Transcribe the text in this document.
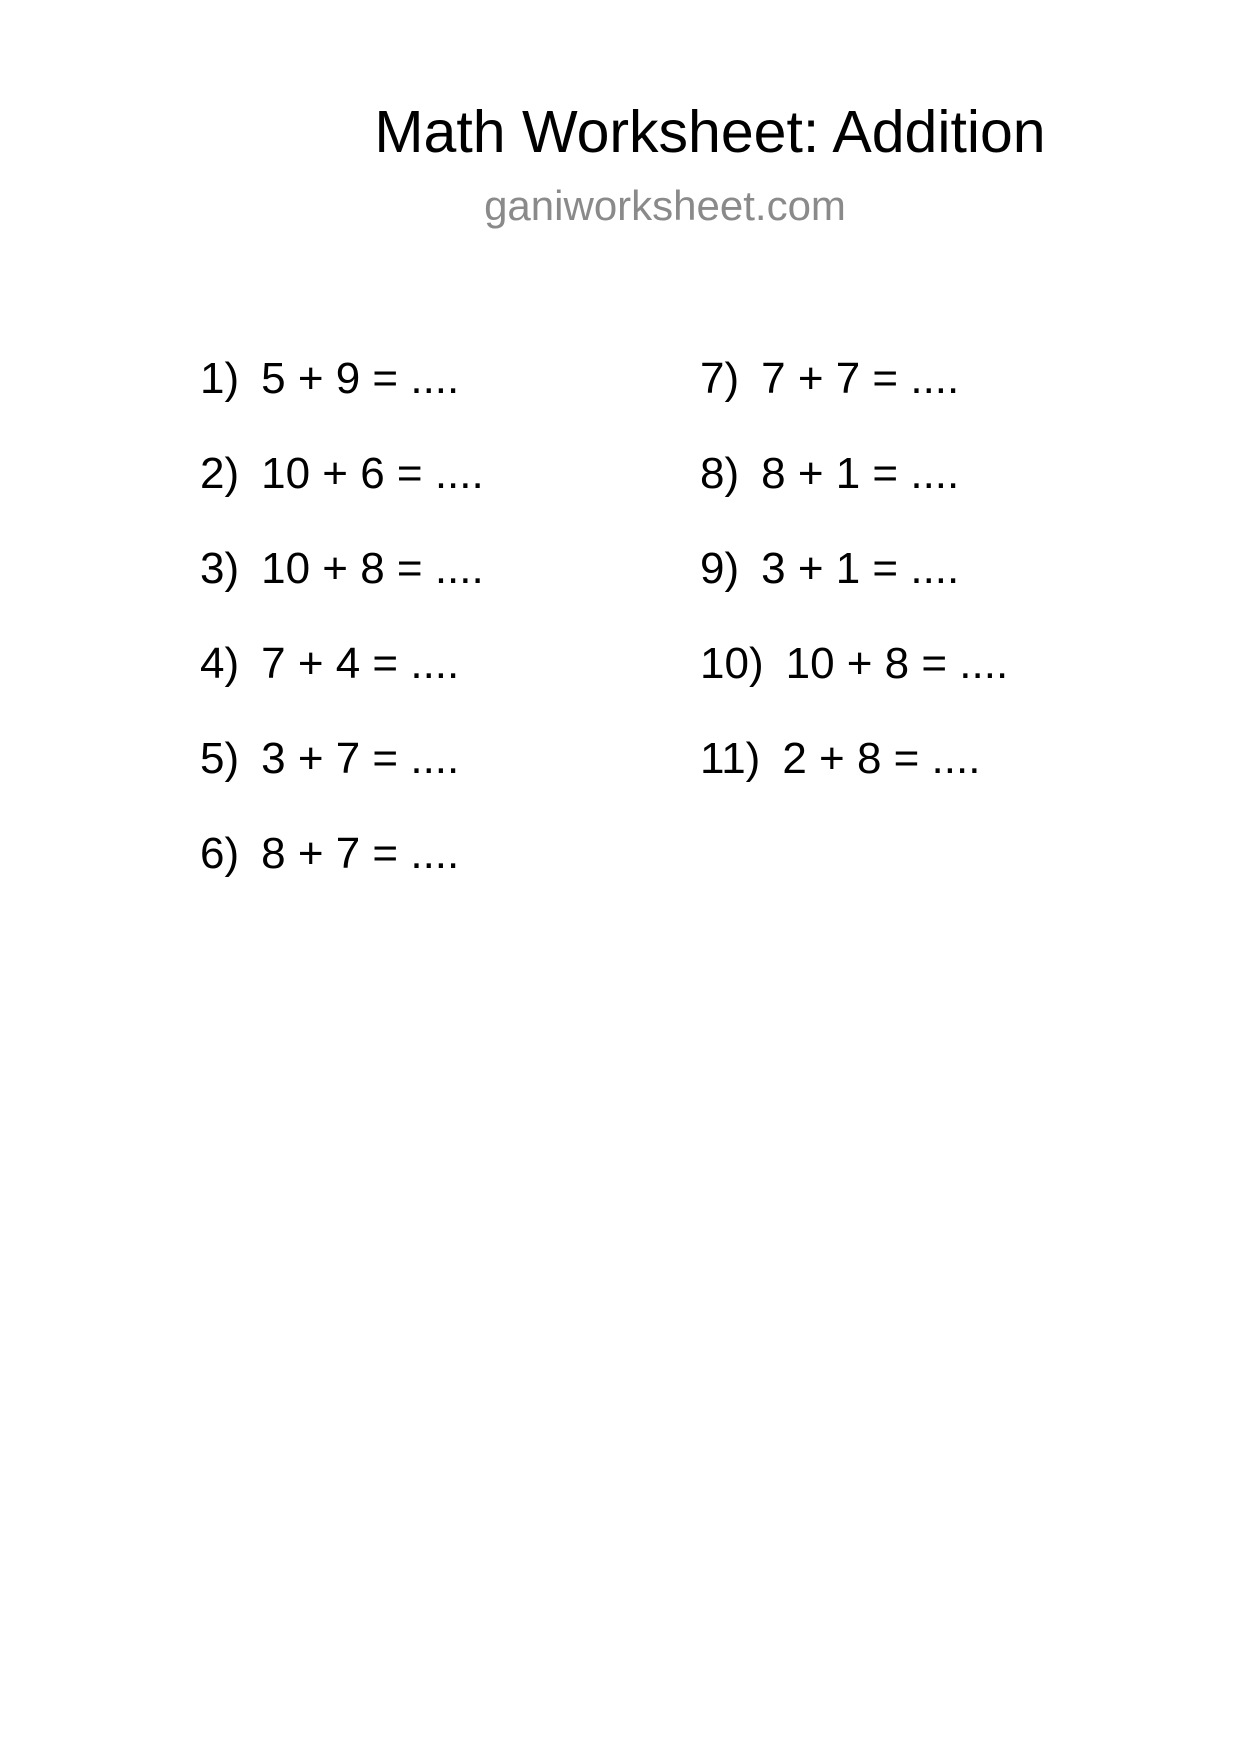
Math Worksheet: Addition
ganiworksheet.com
1) 5 + 9 = ....
2) 10 + 6 = ....
3) 10 + 8 = ....
4) 7 + 4 = ....
5) 3 + 7 = ....
6) 8 + 7 = ....
7) 7 + 7 = ....
8) 8 + 1 = ....
9) 3 + 1 = ....
10) 10 + 8 = ....
11) 2 + 8 = ....
